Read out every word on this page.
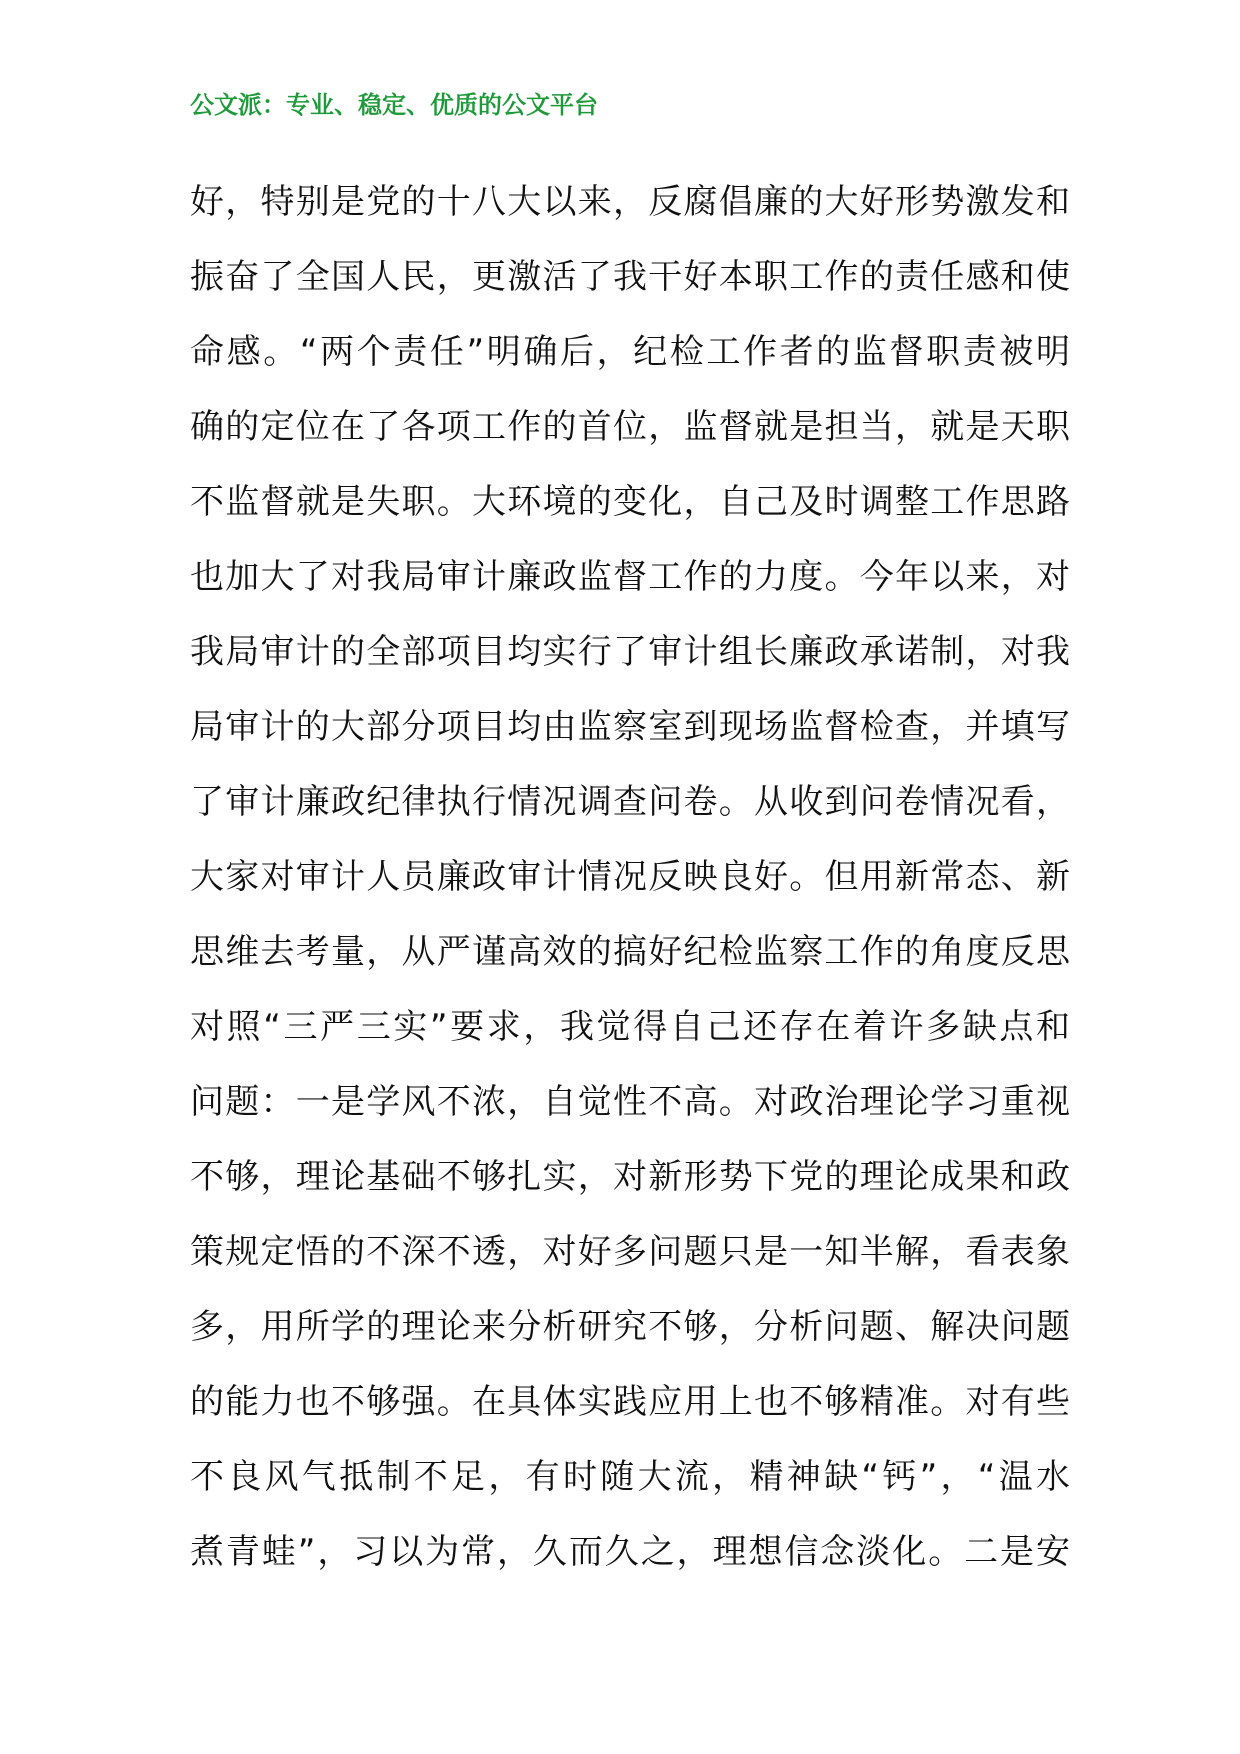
公文派：专业、稳定、优质的公文平台
好，特别是党的十八大以来，反腐倡廉的大好形势激发和
振奋了全国人民，更激活了我干好本职工作的责任感和使
命感。“两个责任”明确后，纪检工作者的监督职责被明
确的定位在了各项工作的首位，监督就是担当，就是天职
不监督就是失职。大环境的变化，自己及时调整工作思路
也加大了对我局审计廉政监督工作的力度。今年以来，对
我局审计的全部项目均实行了审计组长廉政承诺制，对我
局审计的大部分项目均由监察室到现场监督检查，并填写
了审计廉政纪律执行情况调查问卷。从收到问卷情况看，
大家对审计人员廉政审计情况反映良好。但用新常态、新
思维去考量，从严谨高效的搞好纪检监察工作的角度反思
对照“三严三实”要求，我觉得自己还存在着许多缺点和
问题：一是学风不浓，自觉性不高。对政治理论学习重视
不够，理论基础不够扎实，对新形势下党的理论成果和政
策规定悟的不深不透，对好多问题只是一知半解，看表象
多，用所学的理论来分析研究不够，分析问题、解决问题
的能力也不够强。在具体实践应用上也不够精准。对有些
不良风气抵制不足，有时随大流，精神缺“钙”，“温水
煮青蛙”，习以为常，久而久之，理想信念淡化。二是安
